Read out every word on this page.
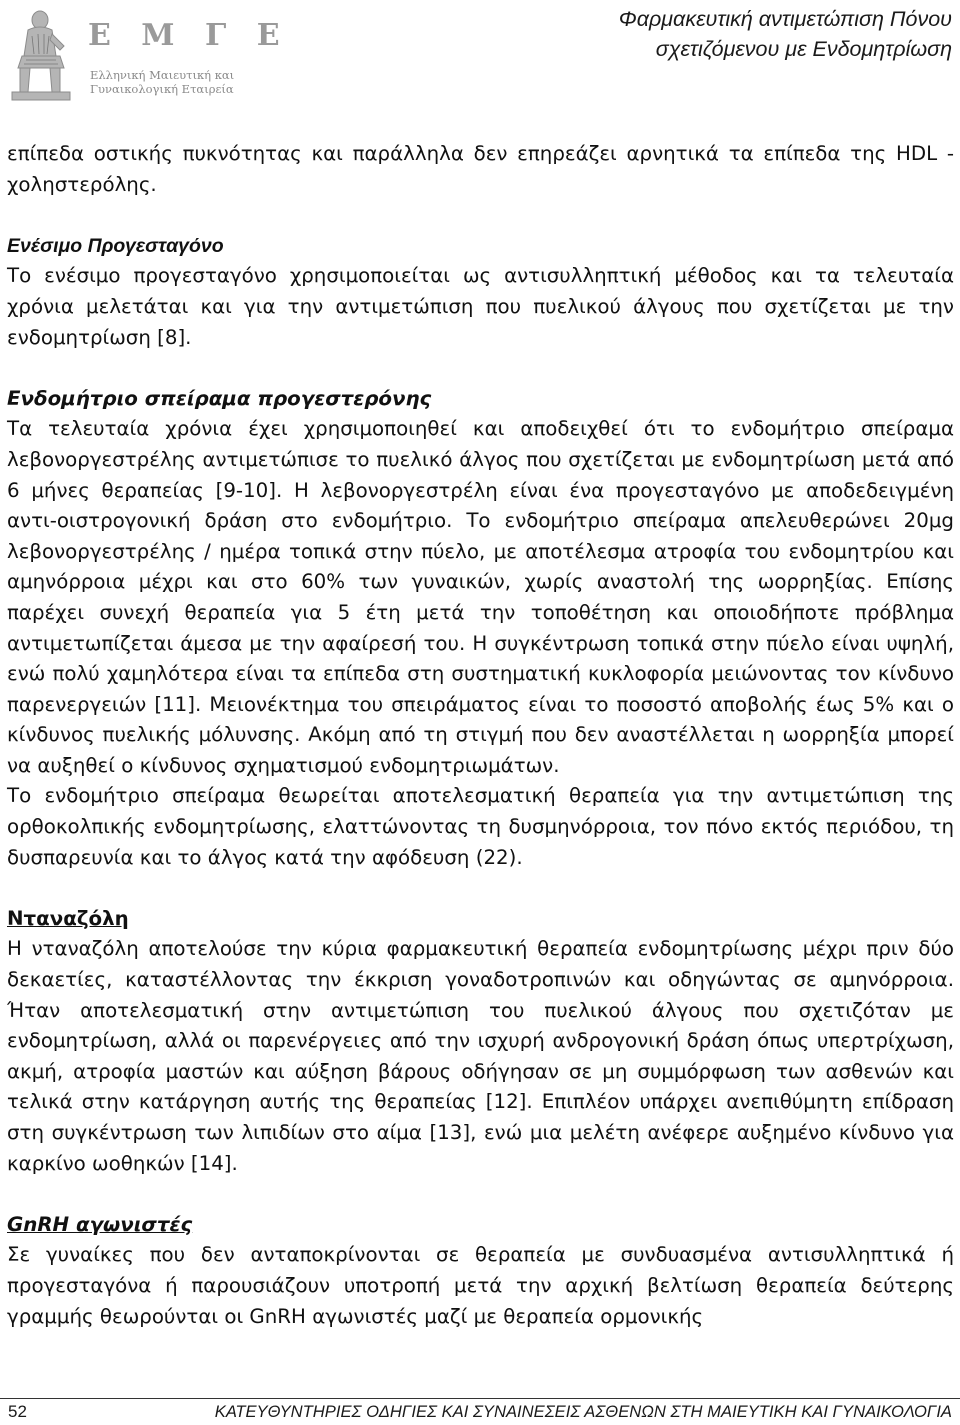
Ε Μ Γ Ε
Ελληνική Μαιευτική και
Γυναικολογική Εταιρεία
Φαρμακευτική αντιμετώπιση Πόνου
σχετιζόμενου με Ενδομητρίωση

επίπεδα οστικής πυκνότητας και παράλληλα δεν επηρεάζει αρνητικά τα επίπεδα της HDL - χοληστερόλης.

Ενέσιμο Προγεσταγόνο

Το ενέσιμο προγεσταγόνο χρησιμοποιείται ως αντισυλληπτική μέθοδος και τα τελευταία χρόνια μελετάται και για την αντιμετώπιση που πυελικού άλγους που σχετίζεται με την ενδομητρίωση [8].

Ενδομήτριο σπείραμα προγεστερόνης

Τα τελευταία χρόνια έχει χρησιμοποιηθεί και αποδειχθεί ότι το ενδομήτριο σπείραμα λεβονοργεστρέλης αντιμετώπισε το πυελικό άλγος που σχετίζεται με ενδομητρίωση μετά από 6 μήνες θεραπείας [9-10]. Η λεβονοργεστρέλη είναι ένα προγεσταγόνο με αποδεδειγμένη αντι-οιστρογονική δράση στο ενδομήτριο. Το ενδομήτριο σπείραμα απελευθερώνει 20μg λεβονοργεστρέλης / ημέρα τοπικά στην πύελο, με αποτέλεσμα ατροφία του ενδομητρίου και αμηνόρροια μέχρι και στο 60% των γυναικών, χωρίς αναστολή της ωορρηξίας. Επίσης παρέχει συνεχή θεραπεία για 5 έτη μετά την τοποθέτηση και οποιοδήποτε πρόβλημα αντιμετωπίζεται άμεσα με την αφαίρεσή του. Η συγκέντρωση τοπικά στην πύελο είναι υψηλή, ενώ πολύ χαμηλότερα είναι τα επίπεδα στη συστηματική κυκλοφορία μειώνοντας τον κίνδυνο παρενεργειών [11]. Μειονέκτημα του σπειράματος είναι το ποσοστό αποβολής έως 5% και ο κίνδυνος πυελικής μόλυνσης. Ακόμη από τη στιγμή που δεν αναστέλλεται η ωορρηξία μπορεί να αυξηθεί ο κίνδυνος σχηματισμού ενδομητριωμάτων.

Το ενδομήτριο σπείραμα θεωρείται αποτελεσματική θεραπεία για την αντιμετώπιση της ορθοκολπικής ενδομητρίωσης, ελαττώνοντας τη δυσμηνόρροια, τον πόνο εκτός περιόδου, τη δυσπαρευνία και το άλγος κατά την αφόδευση (22).

Νταναζόλη

Η νταναζόλη αποτελούσε την κύρια φαρμακευτική θεραπεία ενδομητρίωσης μέχρι πριν δύο δεκαετίες, καταστέλλοντας την έκκριση γοναδοτροπινών και οδηγώντας σε αμηνόρροια. Ήταν αποτελεσματική στην αντιμετώπιση του πυελικού άλγους που σχετιζόταν με ενδομητρίωση, αλλά οι παρενέργειες από την ισχυρή ανδρογονική δράση όπως υπερτρίχωση, ακμή, ατροφία μαστών και αύξηση βάρους οδήγησαν σε μη συμμόρφωση των ασθενών και τελικά στην κατάργηση αυτής της θεραπείας [12]. Επιπλέον υπάρχει ανεπιθύμητη επίδραση στη συγκέντρωση των λιπιδίων στο αίμα [13], ενώ μια μελέτη ανέφερε αυξημένο κίνδυνο για καρκίνο ωοθηκών [14].

GnRH αγωνιστές

Σε γυναίκες που δεν ανταποκρίνονται σε θεραπεία με συνδυασμένα αντισυλληπτικά ή προγεσταγόνα ή παρουσιάζουν υποτροπή μετά την αρχική βελτίωση θεραπεία δεύτερης γραμμής θεωρούνται οι GnRH αγωνιστές μαζί με θεραπεία ορμονικής

52	ΚΑΤΕΥΘΥΝΤΗΡΙΕΣ ΟΔΗΓΙΕΣ ΚΑΙ ΣΥΝΑΙΝΕΣΕΙΣ ΑΣΘΕΝΩΝ ΣΤΗ ΜΑΙΕΥΤΙΚΗ ΚΑΙ ΓΥΝΑΙΚΟΛΟΓΙΑ
